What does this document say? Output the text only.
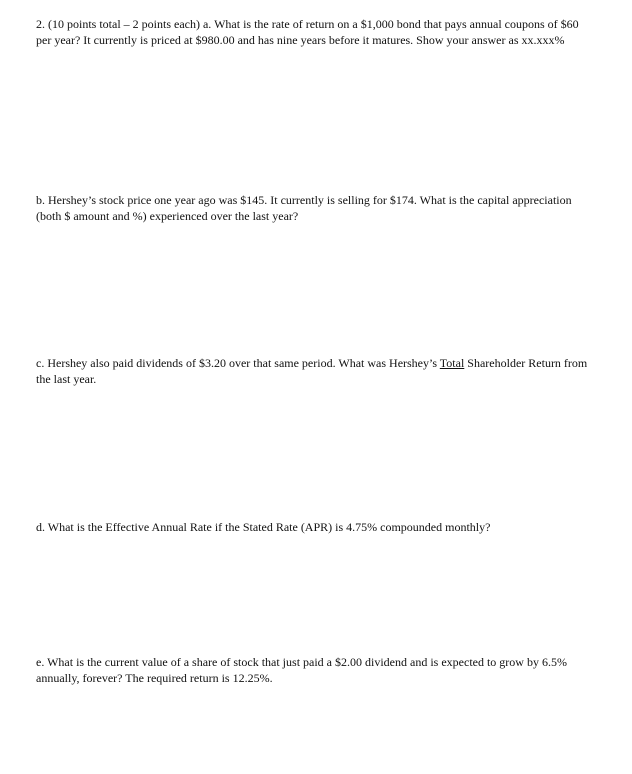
2. (10 points total – 2 points each) a. What is the rate of return on a $1,000 bond that pays annual coupons of $60 per year? It currently is priced at $980.00 and has nine years before it matures. Show your answer as xx.xxx%

b. Hershey’s stock price one year ago was $145. It currently is selling for $174. What is the capital appreciation (both $ amount and %) experienced over the last year?

c. Hershey also paid dividends of $3.20 over that same period. What was Hershey’s Total Shareholder Return from the last year.

d. What is the Effective Annual Rate if the Stated Rate (APR) is 4.75% compounded monthly?

e. What is the current value of a share of stock that just paid a $2.00 dividend and is expected to grow by 6.5% annually, forever? The required return is 12.25%.
